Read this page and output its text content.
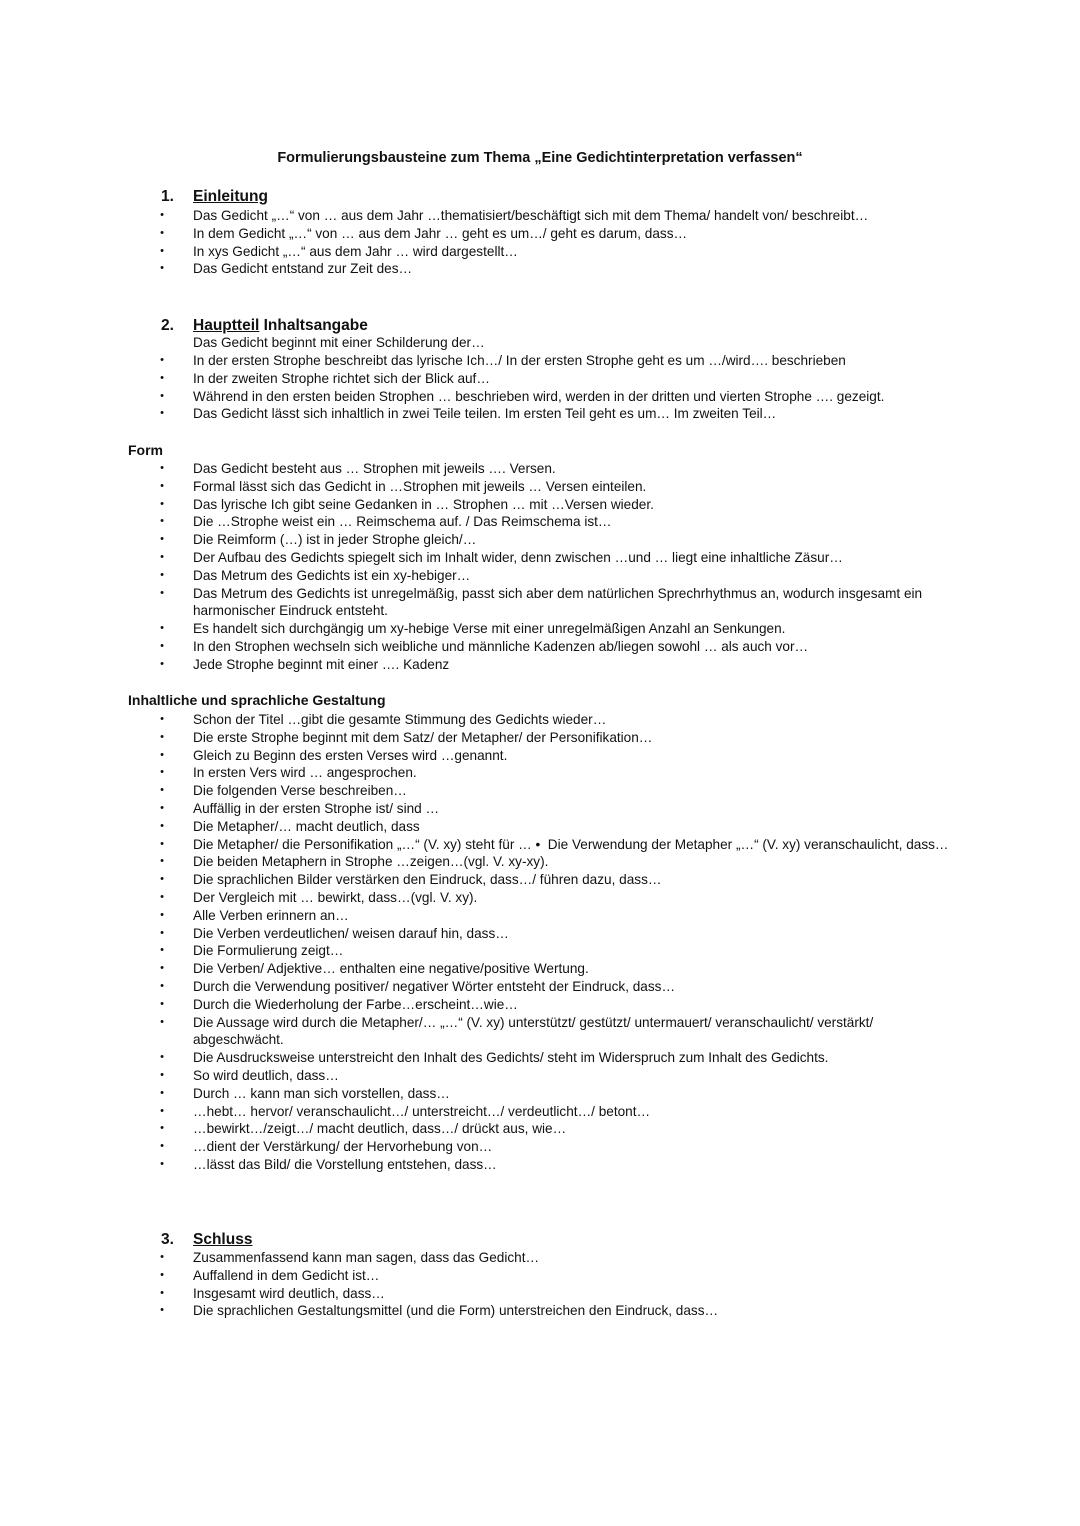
Formulierungsbausteine zum Thema „Eine Gedichtinterpretation verfassen“
1. Einleitung
• Das Gedicht „…“ von … aus dem Jahr …thematisiert/beschäftigt sich mit dem Thema/ handelt von/ beschreibt…
• In dem Gedicht „…“ von … aus dem Jahr … geht es um…/ geht es darum, dass…
• In xys Gedicht „…“ aus dem Jahr … wird dargestellt…
• Das Gedicht entstand zur Zeit des…
2. Hauptteil Inhaltsangabe
Das Gedicht beginnt mit einer Schilderung der…
• In der ersten Strophe beschreibt das lyrische Ich…/ In der ersten Strophe geht es um …/wird…. beschrieben
• In der zweiten Strophe richtet sich der Blick auf…
• Während in den ersten beiden Strophen … beschrieben wird, werden in der dritten und vierten Strophe …. gezeigt.
• Das Gedicht lässt sich inhaltlich in zwei Teile teilen. Im ersten Teil geht es um… Im zweiten Teil…
Form
• Das Gedicht besteht aus … Strophen mit jeweils …. Versen.
• Formal lässt sich das Gedicht in …Strophen mit jeweils … Versen einteilen.
• Das lyrische Ich gibt seine Gedanken in … Strophen … mit …Versen wieder.
• Die …Strophe weist ein … Reimschema auf. / Das Reimschema ist…
• Die Reimform (…) ist in jeder Strophe gleich/…
• Der Aufbau des Gedichts spiegelt sich im Inhalt wider, denn zwischen …und … liegt eine inhaltliche Zäsur…
• Das Metrum des Gedichts ist ein xy-hebiger…
• Das Metrum des Gedichts ist unregelmäßig, passt sich aber dem natürlichen Sprechrhythmus an, wodurch insgesamt ein harmonischer Eindruck entsteht.
• Es handelt sich durchgängig um xy-hebige Verse mit einer unregelmäßigen Anzahl an Senkungen.
• In den Strophen wechseln sich weibliche und männliche Kadenzen ab/liegen sowohl … als auch vor…
• Jede Strophe beginnt mit einer …. Kadenz
Inhaltliche und sprachliche Gestaltung
• Schon der Titel …gibt die gesamte Stimmung des Gedichts wieder…
• Die erste Strophe beginnt mit dem Satz/ der Metapher/ der Personifikation…
• Gleich zu Beginn des ersten Verses wird …genannt.
• In ersten Vers wird … angesprochen.
• Die folgenden Verse beschreiben…
• Auffällig in der ersten Strophe ist/ sind …
• Die Metapher/… macht deutlich, dass
• Die Metapher/ die Personifikation „…“ (V. xy) steht für … •  Die Verwendung der Metapher „…“ (V. xy) veranschaulicht, dass…
• Die beiden Metaphern in Strophe …zeigen…(vgl. V. xy-xy).
• Die sprachlichen Bilder verstärken den Eindruck, dass…/ führen dazu, dass…
• Der Vergleich mit … bewirkt, dass…(vgl. V. xy).
• Alle Verben erinnern an…
• Die Verben verdeutlichen/ weisen darauf hin, dass…
• Die Formulierung zeigt…
• Die Verben/ Adjektive… enthalten eine negative/positive Wertung.
• Durch die Verwendung positiver/ negativer Wörter entsteht der Eindruck, dass…
• Durch die Wiederholung der Farbe…erscheint…wie…
• Die Aussage wird durch die Metapher/… „…“ (V. xy) unterstützt/ gestützt/ untermauert/ veranschaulicht/ verstärkt/ abgeschwächt.
• Die Ausdrucksweise unterstreicht den Inhalt des Gedichts/ steht im Widerspruch zum Inhalt des Gedichts.
• So wird deutlich, dass…
• Durch … kann man sich vorstellen, dass…
• …hebt… hervor/ veranschaulicht…/ unterstreicht…/ verdeutlicht…/ betont…
• …bewirkt…/zeigt…/ macht deutlich, dass…/ drückt aus, wie…
• …dient der Verstärkung/ der Hervorhebung von…
• …lässt das Bild/ die Vorstellung entstehen, dass…
3. Schluss
• Zusammenfassend kann man sagen, dass das Gedicht…
• Auffallend in dem Gedicht ist…
• Insgesamt wird deutlich, dass…
• Die sprachlichen Gestaltungsmittel (und die Form) unterstreichen den Eindruck, dass…
